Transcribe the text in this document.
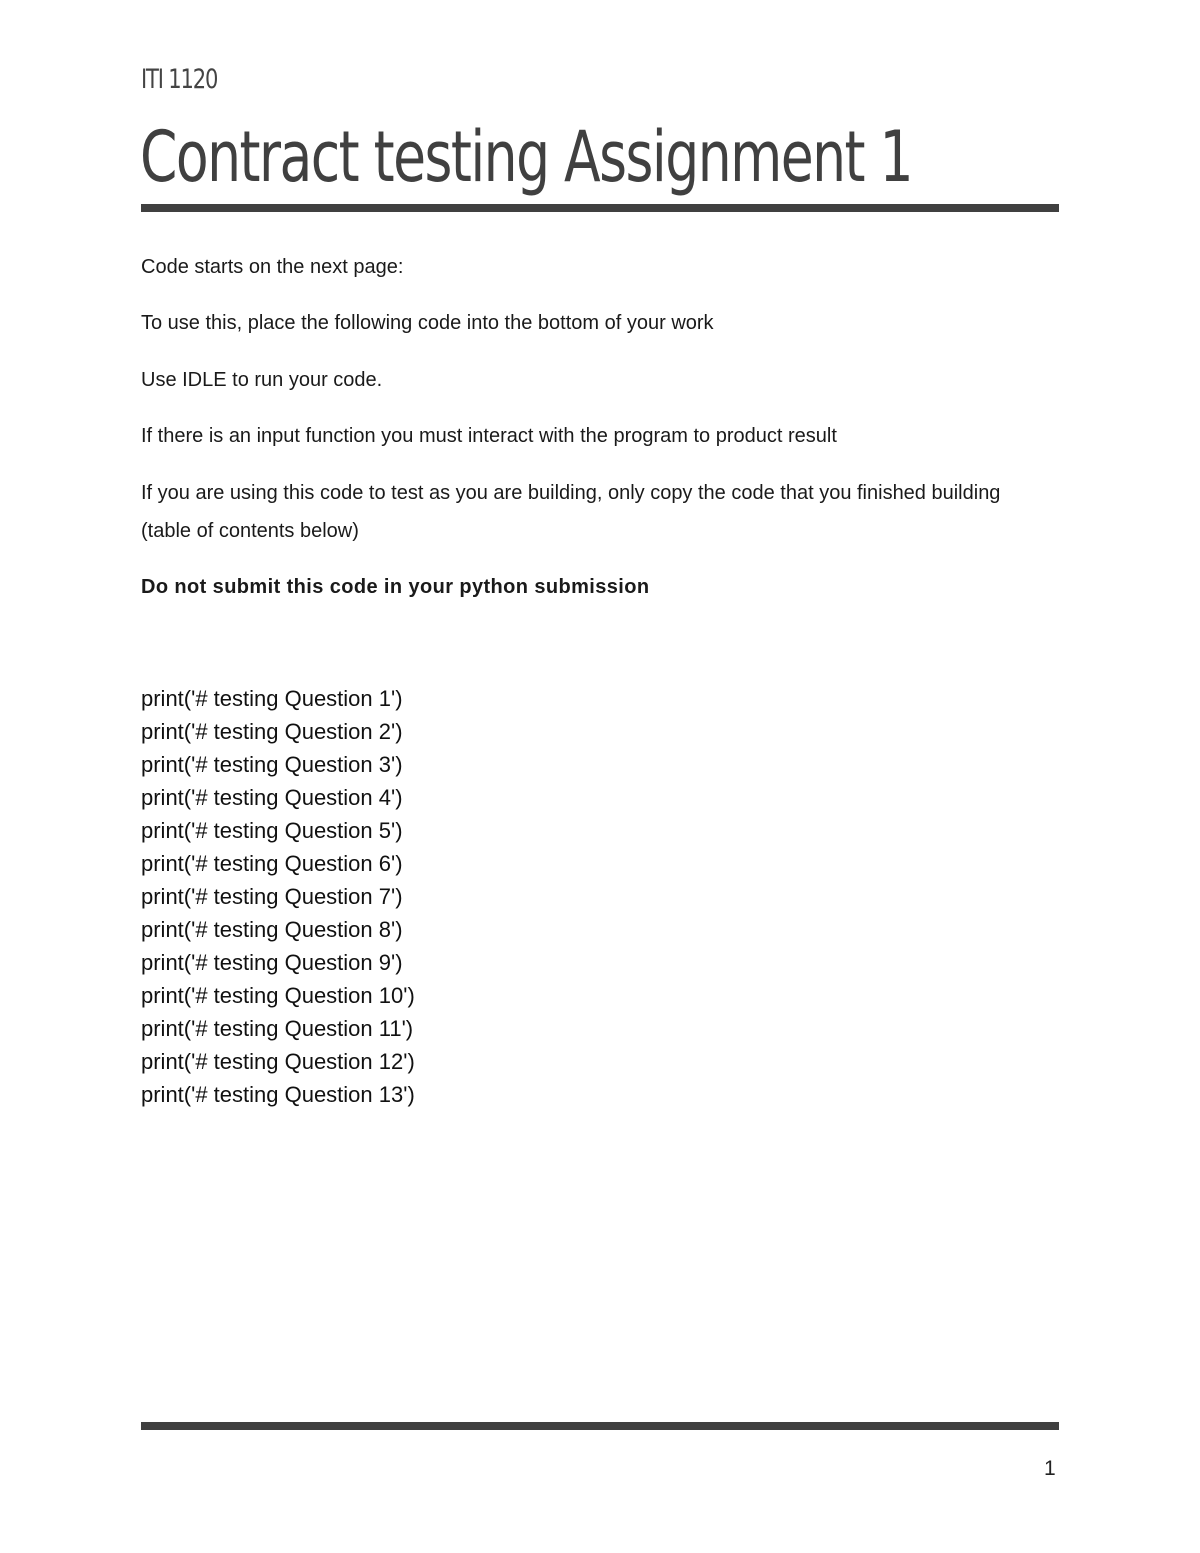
ITI 1120
Contract testing Assignment 1

Code starts on the next page:

To use this, place the following code into the bottom of your work

Use IDLE to run your code.

If there is an input function you must interact with the program to product result

If you are using this code to test as you are building, only copy the code that you finished building (table of contents below)

Do not submit this code in your python submission

print('# testing Question 1')
print('# testing Question 2')
print('# testing Question 3')
print('# testing Question 4')
print('# testing Question 5')
print('# testing Question 6')
print('# testing Question 7')
print('# testing Question 8')
print('# testing Question 9')
print('# testing Question 10')
print('# testing Question 11')
print('# testing Question 12')
print('# testing Question 13')
1
